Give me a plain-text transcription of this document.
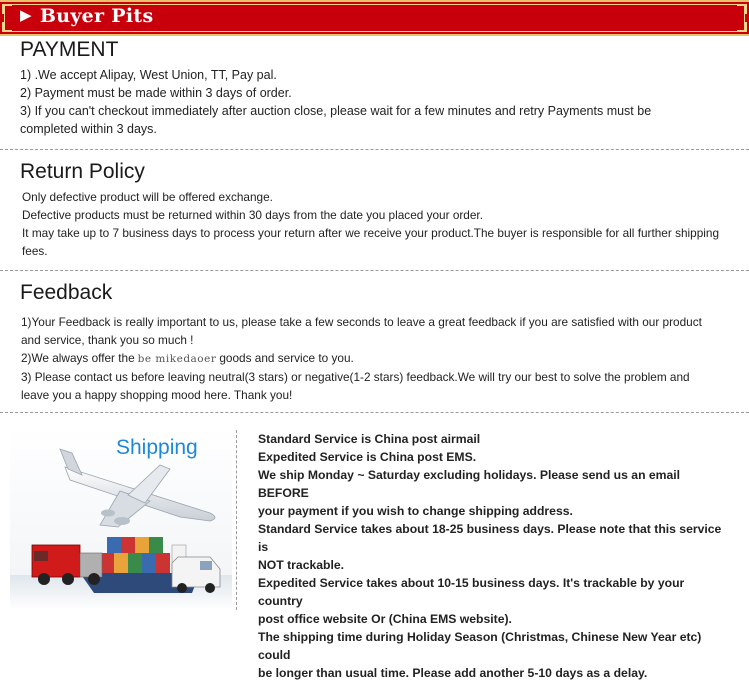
▶ Buyer Pits
PAYMENT
1) .We accept Alipay, West Union, TT, Pay pal.
2) Payment must be made within 3 days of order.
3) If you can't checkout immediately after auction close, please wait for a few minutes and retry Payments must be
completed within 3 days.
Return Policy
Only defective product will be offered exchange.
Defective products must be returned within 30 days from the date you placed your order.
It may take up to 7 business days to process your return after we receive your product.The buyer is responsible for all further shipping
fees.
Feedback
1)Your Feedback is really important to us, please take a few seconds to leave a great feedback if you are satisfied with our product
and service, thank you so much !
2)We always offer the be mikedaoer goods and service to you.
3) Please contact us before leaving neutral(3 stars) or negative(1-2 stars) feedback.We will try our best to solve the problem and
leave you a happy shopping mood here. Thank you!
Shipping	Standard Service is China post airmail
Expedited Service is China post EMS.
We ship Monday ~ Saturday excluding holidays. Please send us an email BEFORE
your payment if you wish to change shipping address.
Standard Service takes about 18-25 business days. Please note that this service is
NOT trackable.
Expedited Service takes about 10-15 business days. It's trackable by your country
post office website Or (China EMS website).
The shipping time during Holiday Season (Christmas, Chinese New Year etc) could
be longer than usual time. Please add another 5-10 days as a delay.
